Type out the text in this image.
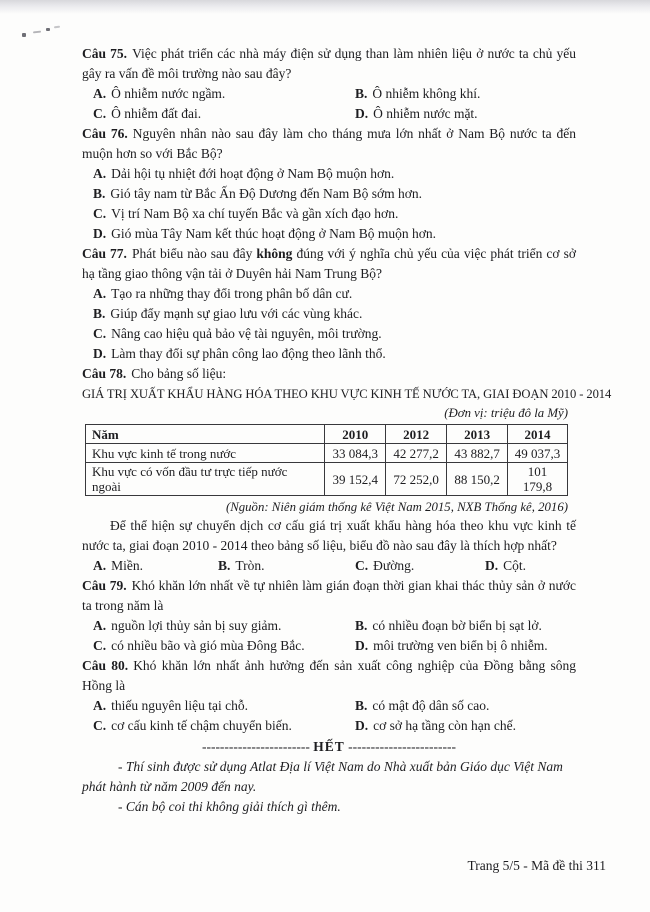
Câu 75. Việc phát triển các nhà máy điện sử dụng than làm nhiên liệu ở nước ta chủ yếu gây ra vấn đề môi trường nào sau đây?

A. Ô nhiễm nước ngầm.	B. Ô nhiễm không khí.
C. Ô nhiễm đất đai.	D. Ô nhiễm nước mặt.

Câu 76. Nguyên nhân nào sau đây làm cho tháng mưa lớn nhất ở Nam Bộ nước ta đến muộn hơn so với Bắc Bộ?

A. Dải hội tụ nhiệt đới hoạt động ở Nam Bộ muộn hơn.
B. Gió tây nam từ Bắc Ấn Độ Dương đến Nam Bộ sớm hơn.
C. Vị trí Nam Bộ xa chí tuyến Bắc và gần xích đạo hơn.
D. Gió mùa Tây Nam kết thúc hoạt động ở Nam Bộ muộn hơn.

Câu 77. Phát biểu nào sau đây không đúng với ý nghĩa chủ yếu của việc phát triển cơ sở hạ tầng giao thông vận tải ở Duyên hải Nam Trung Bộ?

A. Tạo ra những thay đổi trong phân bố dân cư.
B. Giúp đẩy mạnh sự giao lưu với các vùng khác.
C. Nâng cao hiệu quả bảo vệ tài nguyên, môi trường.
D. Làm thay đổi sự phân công lao động theo lãnh thổ.

Câu 78. Cho bảng số liệu:

GIÁ TRỊ XUẤT KHẨU HÀNG HÓA THEO KHU VỰC KINH TẾ NƯỚC TA, GIAI ĐOẠN 2010 - 2014

(Đơn vị: triệu đô la Mỹ)

Năm	2010	2012	2013	2014
Khu vực kinh tế trong nước	33 084,3	42 277,2	43 882,7	49 037,3
Khu vực có vốn đầu tư trực tiếp nước ngoài	39 152,4	72 252,0	88 150,2	101 179,8

(Nguồn: Niên giám thống kê Việt Nam 2015, NXB Thống kê, 2016)

Để thể hiện sự chuyển dịch cơ cấu giá trị xuất khẩu hàng hóa theo khu vực kinh tế nước ta, giai đoạn 2010 - 2014 theo bảng số liệu, biểu đồ nào sau đây là thích hợp nhất?

A. Miền.	B. Tròn.	C. Đường.	D. Cột.

Câu 79. Khó khăn lớn nhất về tự nhiên làm gián đoạn thời gian khai thác thủy sản ở nước ta trong năm là

A. nguồn lợi thủy sản bị suy giảm.	B. có nhiều đoạn bờ biển bị sạt lở.
C. có nhiều bão và gió mùa Đông Bắc.	D. môi trường ven biển bị ô nhiễm.

Câu 80. Khó khăn lớn nhất ảnh hưởng đến sản xuất công nghiệp của Đồng bằng sông Hồng là

A. thiếu nguyên liệu tại chỗ.	B. có mật độ dân số cao.
C. cơ cấu kinh tế chậm chuyển biến.	D. cơ sở hạ tầng còn hạn chế.

------------------------ HẾT ------------------------

- Thí sinh được sử dụng Atlat Địa lí Việt Nam do Nhà xuất bản Giáo dục Việt Nam phát hành từ năm 2009 đến nay.

- Cán bộ coi thi không giải thích gì thêm.

Trang 5/5 - Mã đề thi 311
